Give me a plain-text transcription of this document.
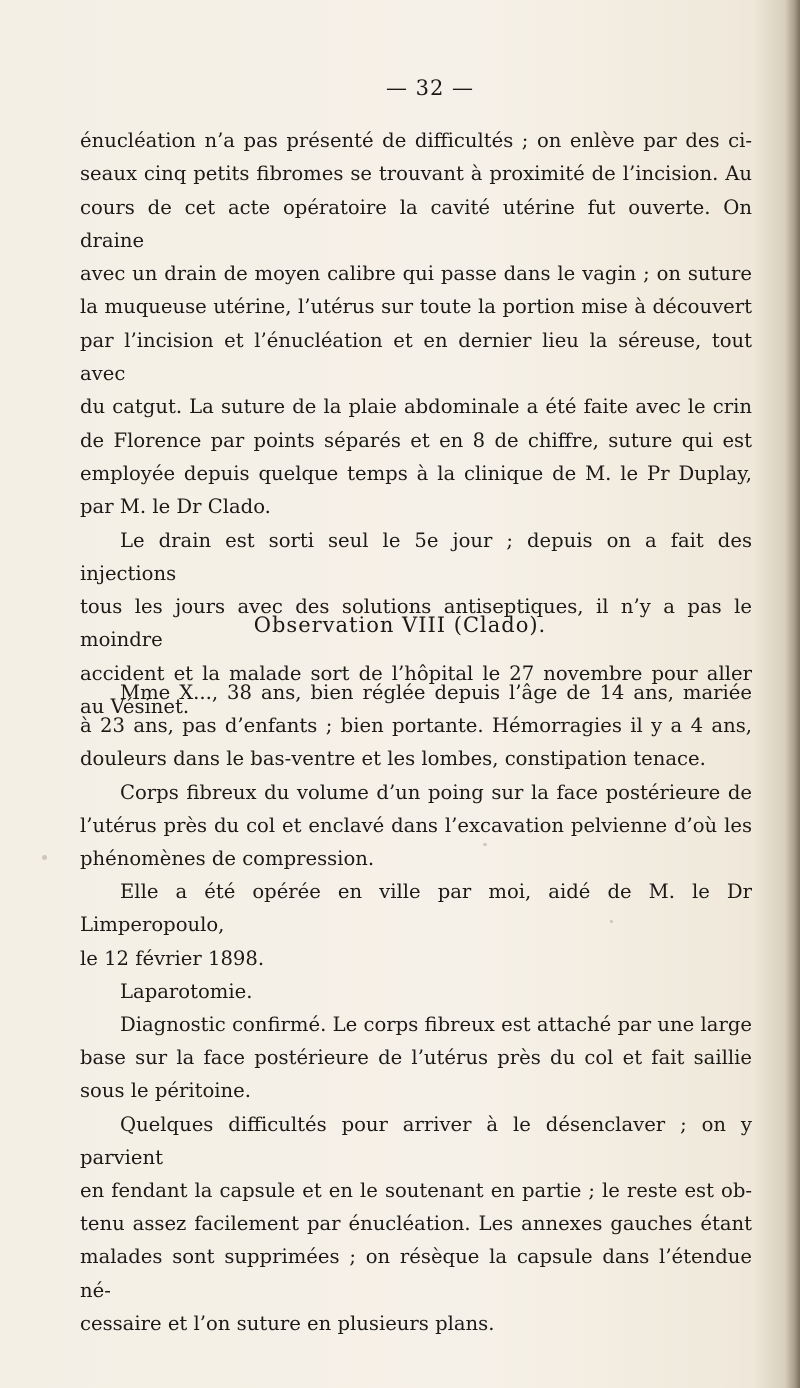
— 32 —

énucléation n’a pas présenté de difficultés ; on enlève par des ci-
seaux cinq petits fibromes se trouvant à proximité de l’incision. Au
cours de cet acte opératoire la cavité utérine fut ouverte. On draine
avec un drain de moyen calibre qui passe dans le vagin ; on suture
la muqueuse utérine, l’utérus sur toute la portion mise à découvert
par l’incision et l’énucléation et en dernier lieu la séreuse, tout avec
du catgut. La suture de la plaie abdominale a été faite avec le crin
de Florence par points séparés et en 8 de chiffre, suture qui est
employée depuis quelque temps à la clinique de M. le Pr Duplay,

par M. le Dr Clado.

Le drain est sorti seul le 5e jour ; depuis on a fait des injections
tous les jours avec des solutions antiseptiques, il n’y a pas le moindre
accident et la malade sort de l’hôpital le 27 novembre pour aller

au Vésinet.

Observation VIII (Clado).

Mme X..., 38 ans, bien réglée depuis l’âge de 14 ans, mariée
à 23 ans, pas d’enfants ; bien portante. Hémorragies il y a 4 ans,

douleurs dans le bas-ventre et les lombes, constipation tenace.

Corps fibreux du volume d’un poing sur la face postérieure de
l’utérus près du col et enclavé dans l’excavation pelvienne d’où les

phénomènes de compression.

Elle a été opérée en ville par moi, aidé de M. le Dr Limperopoulo,

le 12 février 1898.

Laparotomie.

Diagnostic confirmé. Le corps fibreux est attaché par une large
base sur la face postérieure de l’utérus près du col et fait saillie

sous le péritoine.

Quelques difficultés pour arriver à le désenclaver ; on y parvient
en fendant la capsule et en le soutenant en partie ; le reste est ob-
tenu assez facilement par énucléation. Les annexes gauches étant
malades sont supprimées ; on résèque la capsule dans l’étendue né-

cessaire et l’on suture en plusieurs plans.
